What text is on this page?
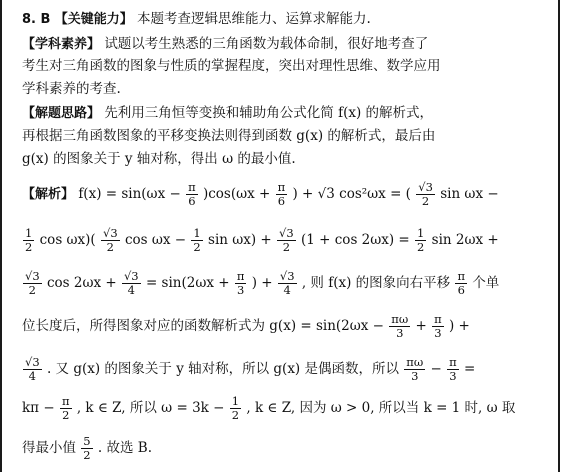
8. B 【关键能力】 本题考查逻辑思维能力、运算求解能力.
【学科素养】 试题以考生熟悉的三角函数为载体命制，很好地考查了
考生对三角函数的图象与性质的掌握程度，突出对理性思维、数学应用
学科素养的考查.
【解题思路】 先利用三角恒等变换和辅助角公式化简 f(x) 的解析式，
再根据三角函数图象的平移变换法则得到函数 g(x) 的解析式，最后由
g(x) 的图象关于 y 轴对称，得出 ω 的最小值.
【解析】 $f(x) = \sin(\omega x - \frac{\pi}{6} )\cos(\omega x + \frac{\pi}{6}$ ) + √3 cos²ωx = ( $\frac{√3}{2}$ sin ωx −
$\frac{1}{2}$ $\cos \omega x)( \frac{√3}{2}$ $\cos \omega x - \frac{1}{2}$ $\sin \omega x) + \frac{√3}{2} (1 + \cos 2\omega x) = \frac{1}{2}$ sin 2ωx +
$\frac{√3}{2}$ $\cos 2\omega x + \frac{√3}{4} = \sin(2\omega x + \frac{\pi}{3}$ ) + $\frac{√3}{4}$ , 则 f(x) 的图象向右平移 $\frac{\pi}{6}$ 个单
位长度后，所得图象对应的函数解析式为 $g(x) = \sin(2\omega x - \frac{\pi\omega}{3} + \frac{\pi}{3}$ ) +
$\frac{√3}{4}$ . 又 g(x) 的图象关于 y 轴对称，所以 g(x) 是偶函数，所以 $\frac{\pi\omega}{3} - \frac{\pi}{3}$ =
$k\pi - \frac{\pi}{2}$ , k ∈ Z, 所以 $\omega = 3k - \frac{1}{2}$ , k ∈ Z, 因为 ω > 0, 所以当 k = 1 时, ω 取
得最小值 $\frac{5}{2}$ . 故选 B.
